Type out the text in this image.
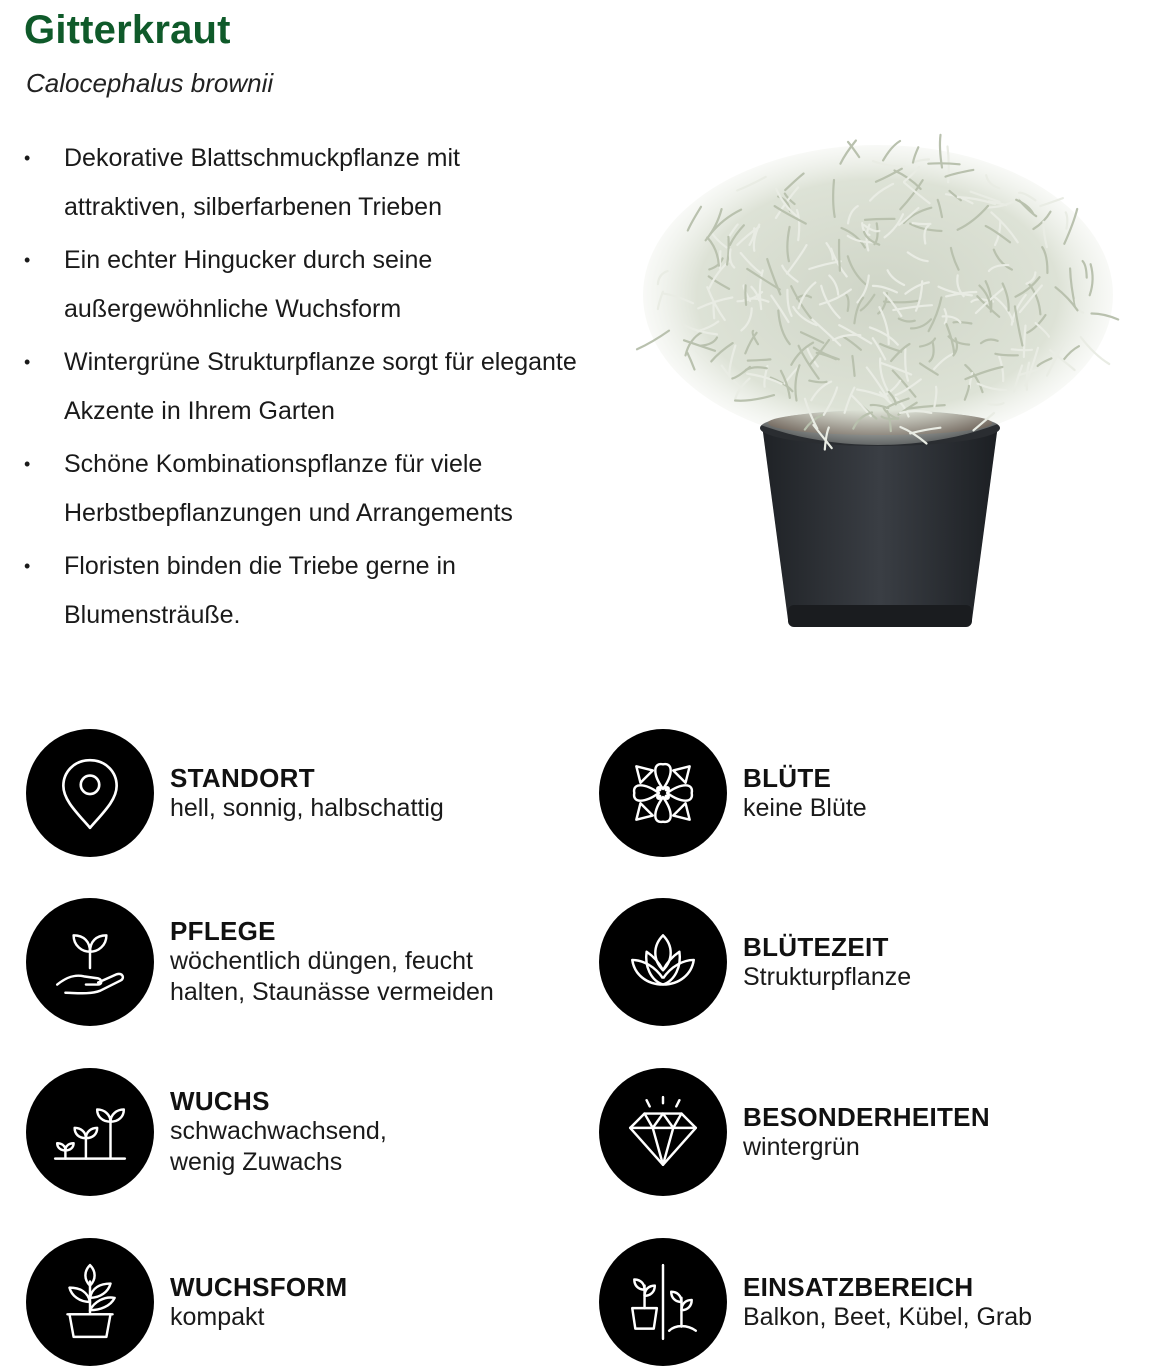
Gitterkraut

Calocephalus brownii

• Dekorative Blattschmuckpflanze mit attraktiven, silberfarbenen Trieben
• Ein echter Hingucker durch seine außergewöhnliche Wuchsform
• Wintergrüne Strukturpflanze sorgt für elegante Akzente in Ihrem Garten
• Schöne Kombinationspflanze für viele Herbstbepflanzungen und Arrangements
• Floristen binden die Triebe gerne in Blumensträuße.
STANDORT
hell, sonnig, halbschattig
BLÜTE
keine Blüte
PFLEGE
wöchentlich düngen, feucht
halten, Staunässe vermeiden
BLÜTEZEIT
Strukturpflanze
WUCHS
schwachwachsend,
wenig Zuwachs
BESONDERHEITEN
wintergrün
WUCHSFORM
kompakt
EINSATZBEREICH
Balkon, Beet, Kübel, Grab
